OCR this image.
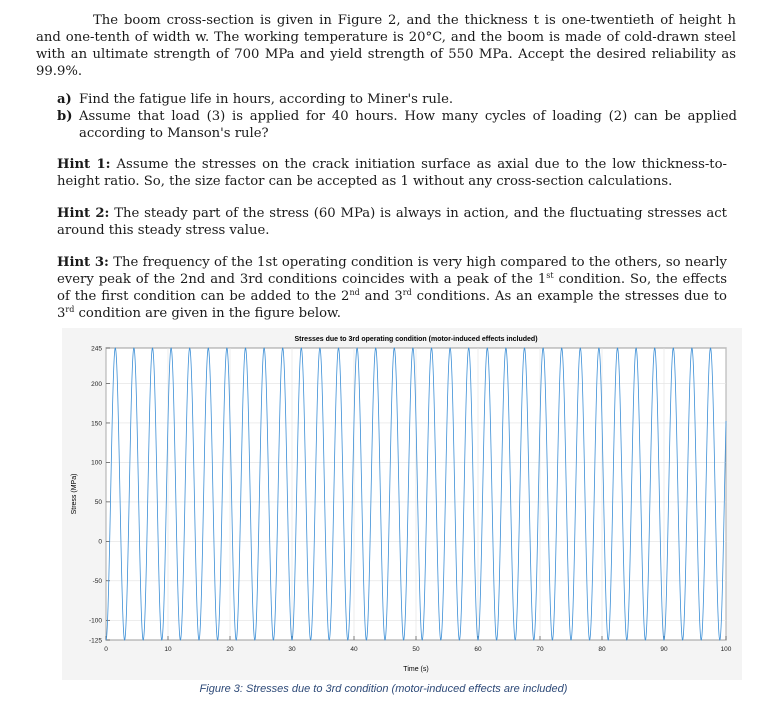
The boom cross-section is given in Figure 2, and the thickness t is one-twentieth of height h and one-tenth of width w. The working temperature is 20°C, and the boom is made of cold-drawn steel with an ultimate strength of 700 MPa and yield strength of 550 MPa. Accept the desired reliability as 99.9%.
a) Find the fatigue life in hours, according to Miner's rule.
b) Assume that load (3) is applied for 40 hours. How many cycles of loading (2) can be applied according to Manson's rule?
Hint 1: Assume the stresses on the crack initiation surface as axial due to the low thickness-to-height ratio. So, the size factor can be accepted as 1 without any cross-section calculations.
Hint 2: The steady part of the stress (60 MPa) is always in action, and the fluctuating stresses act around this steady stress value.
Hint 3: The frequency of the 1st operating condition is very high compared to the others, so nearly every peak of the 2nd and 3rd conditions coincides with a peak of the 1st condition. So, the effects of the first condition can be added to the 2nd and 3rd conditions. As an example the stresses due to 3rd condition are given in the figure below.
Stresses due to 3rd operating condition (motor-induced effects included)
Time (s)
Stress (MPa)
0	10	20	30	40	50	60	70	80	90	100
245
200
150
100
50
0
-50
-100
-125
Figure 3: Stresses due to 3rd condition (motor-induced effects are included)
